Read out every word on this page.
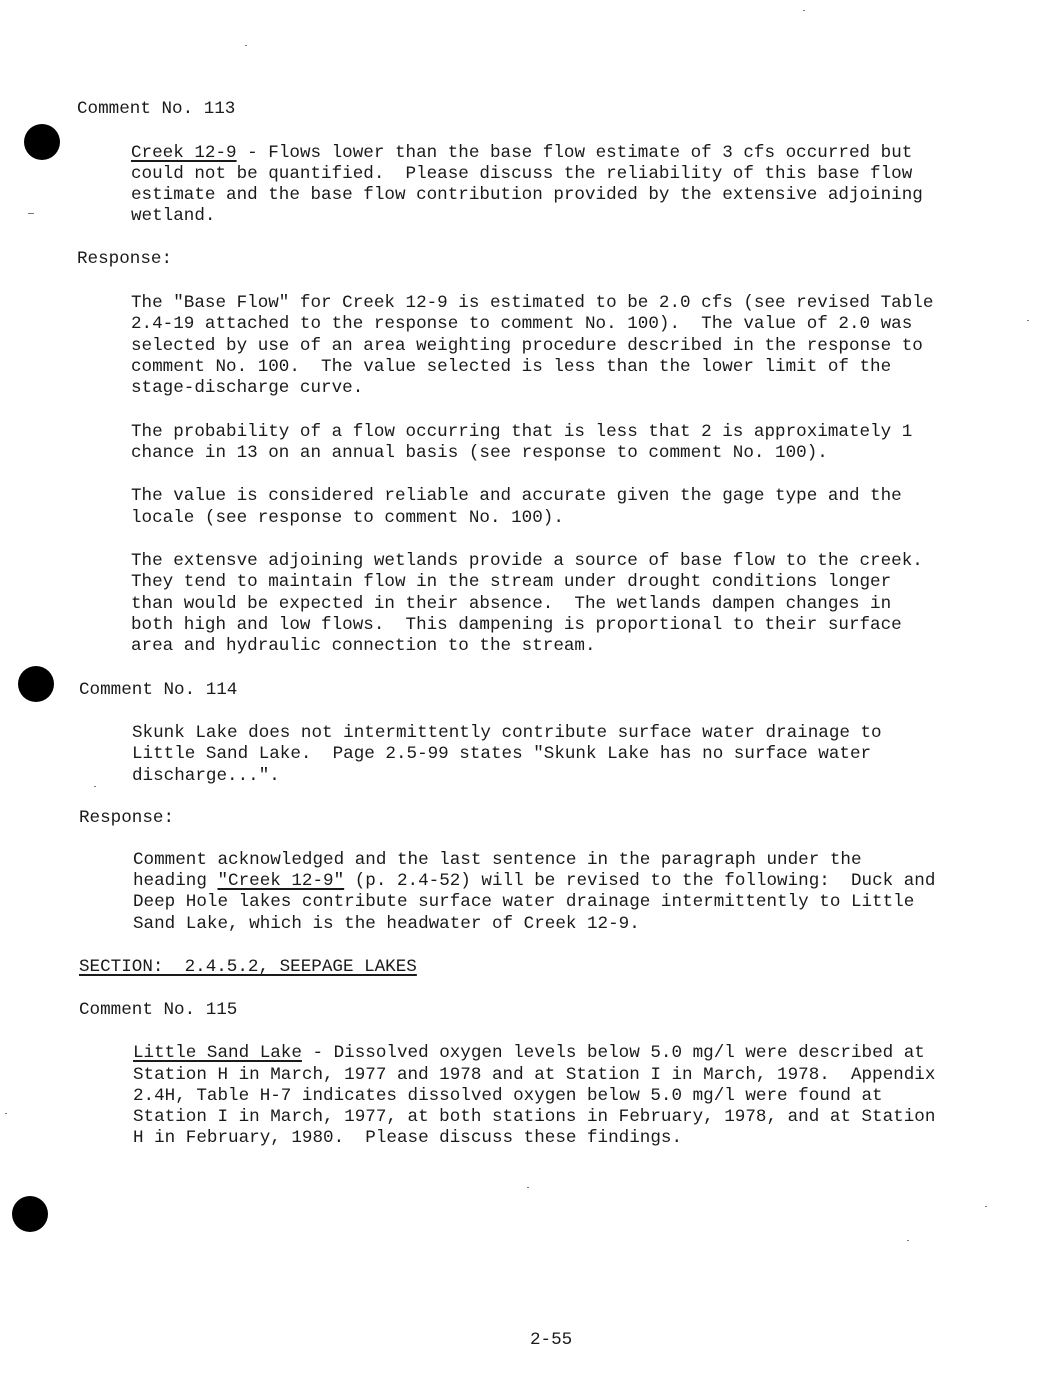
Comment No. 113
Creek 12-9 - Flows lower than the base flow estimate of 3 cfs occurred but
could not be quantified.  Please discuss the reliability of this base flow
estimate and the base flow contribution provided by the extensive adjoining
wetland.
Response:
The "Base Flow" for Creek 12-9 is estimated to be 2.0 cfs (see revised Table
2.4-19 attached to the response to comment No. 100).  The value of 2.0 was
selected by use of an area weighting procedure described in the response to
comment No. 100.  The value selected is less than the lower limit of the
stage-discharge curve.
The probability of a flow occurring that is less that 2 is approximately 1
chance in 13 on an annual basis (see response to comment No. 100).
The value is considered reliable and accurate given the gage type and the
locale (see response to comment No. 100).
The extensve adjoining wetlands provide a source of base flow to the creek.
They tend to maintain flow in the stream under drought conditions longer
than would be expected in their absence.  The wetlands dampen changes in
both high and low flows.  This dampening is proportional to their surface
area and hydraulic connection to the stream.
Comment No. 114
Skunk Lake does not intermittently contribute surface water drainage to
Little Sand Lake.  Page 2.5-99 states "Skunk Lake has no surface water
discharge...".
Response:
Comment acknowledged and the last sentence in the paragraph under the
heading "Creek 12-9" (p. 2.4-52) will be revised to the following:  Duck and
Deep Hole lakes contribute surface water drainage intermittently to Little
Sand Lake, which is the headwater of Creek 12-9.
SECTION:  2.4.5.2, SEEPAGE LAKES
Comment No. 115
Little Sand Lake - Dissolved oxygen levels below 5.0 mg/l were described at
Station H in March, 1977 and 1978 and at Station I in March, 1978.  Appendix
2.4H, Table H-7 indicates dissolved oxygen below 5.0 mg/l were found at
Station I in March, 1977, at both stations in February, 1978, and at Station
H in February, 1980.  Please discuss these findings.
2-55
